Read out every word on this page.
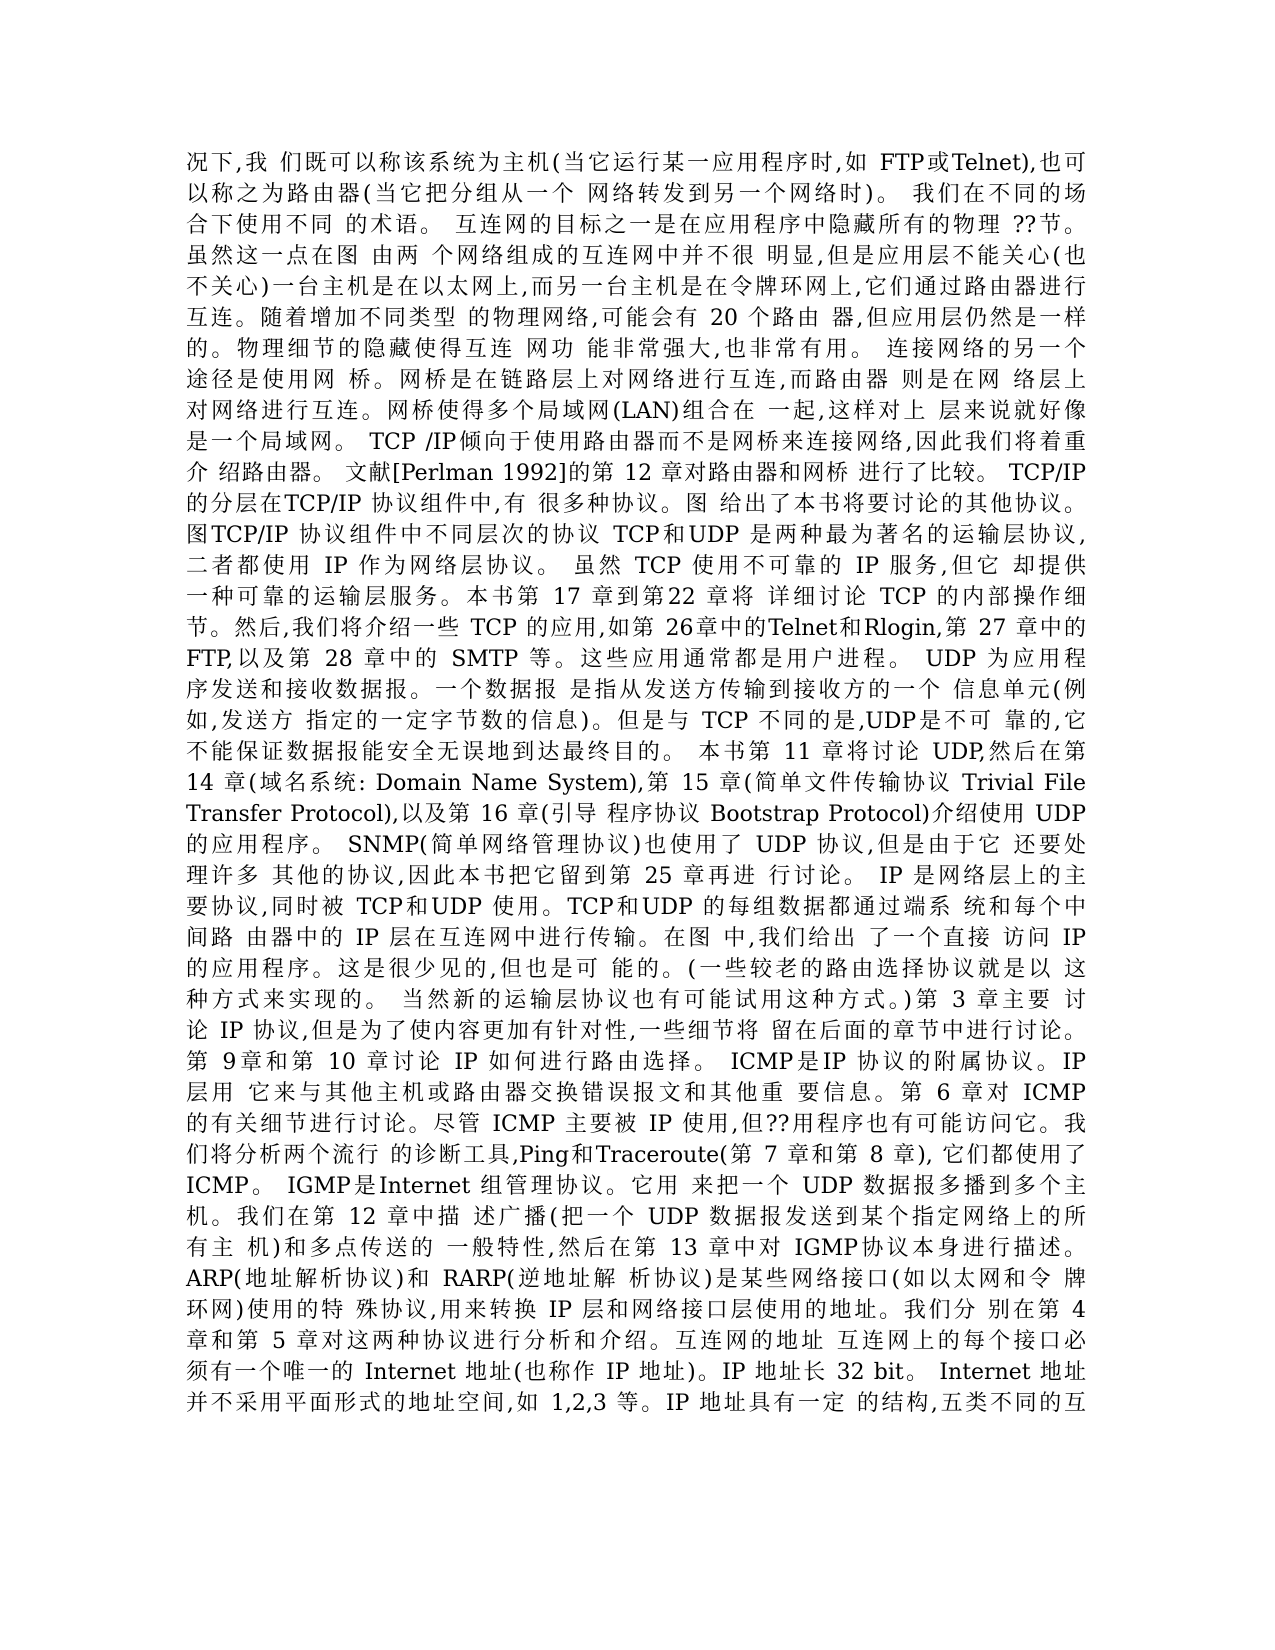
况下,我 们既可以称该系统为主机(当它运行某一应用程序时,如 FTP或Telnet),也可
以称之为路由器(当它把分组从一个 网络转发到另一个网络时)。 我们在不同的场
合下使用不同 的术语。 互连网的目标之一是在应用程序中隐藏所有的物理 ??节。
虽然这一点在图 由两 个网络组成的互连网中并不很 明显,但是应用层不能关心(也
不关心)一台主机是在以太网上,而另一台主机是在令牌环网上,它们通过路由器进行
互连。随着增加不同类型 的物理网络,可能会有 20 个路由 器,但应用层仍然是一样
的。物理细节的隐藏使得互连 网功 能非常强大,也非常有用。 连接网络的另一个
途径是使用网 桥。网桥是在链路层上对网络进行互连,而路由器 则是在网 络层上
对网络进行互连。网桥使得多个局域网(LAN)组合在 一起,这样对上 层来说就好像
是一个局域网。 TCP /IP倾向于使用路由器而不是网桥来连接网络,因此我们将着重
介 绍路由器。 文献[Perlman 1992]的第 12 章对路由器和网桥 进行了比较。 TCP/IP
的分层在TCP/IP 协议组件中,有 很多种协议。图 给出了本书将要讨论的其他协议。
图TCP/IP 协议组件中不同层次的协议 TCP和UDP 是两种最为著名的运输层协议,
二者都使用 IP 作为网络层协议。 虽然 TCP 使用不可靠的 IP 服务,但它 却提供
一种可靠的运输层服务。本书第 17 章到第22 章将 详细讨论 TCP 的内部操作细
节。然后,我们将介绍一些 TCP 的应用,如第 26章中的Telnet和Rlogin,第 27 章中的
FTP,以及第 28 章中的 SMTP 等。这些应用通常都是用户进程。 UDP 为应用程
序发送和接收数据报。一个数据报 是指从发送方传输到接收方的一个 信息单元(例
如,发送方 指定的一定字节数的信息)。但是与 TCP 不同的是,UDP是不可 靠的,它
不能保证数据报能安全无误地到达最终目的。 本书第 11 章将讨论 UDP,然后在第
14 章(域名系统: Domain Name System),第 15 章(简单文件传输协议 Trivial File
Transfer Protocol),以及第 16 章(引导 程序协议 Bootstrap Protocol)介绍使用 UDP
的应用程序。 SNMP(简单网络管理协议)也使用了 UDP 协议,但是由于它 还要处
理许多 其他的协议,因此本书把它留到第 25 章再进 行讨论。 IP 是网络层上的主
要协议,同时被 TCP和UDP 使用。TCP和UDP 的每组数据都通过端系 统和每个中
间路 由器中的 IP 层在互连网中进行传输。在图 中,我们给出 了一个直接 访问 IP
的应用程序。这是很少见的,但也是可 能的。(一些较老的路由选择协议就是以 这
种方式来实现的。 当然新的运输层协议也有可能试用这种方式。)第 3 章主要 讨
论 IP 协议,但是为了使内容更加有针对性,一些细节将 留在后面的章节中进行讨论。
第 9章和第 10 章讨论 IP 如何进行路由选择。 ICMP是IP 协议的附属协议。IP
层用 它来与其他主机或路由器交换错误报文和其他重 要信息。第 6 章对 ICMP
的有关细节进行讨论。尽管 ICMP 主要被 IP 使用,但??用程序也有可能访问它。我
们将分析两个流行 的诊断工具,Ping和Traceroute(第 7 章和第 8 章), 它们都使用了
ICMP。 IGMP是Internet 组管理协议。它用 来把一个 UDP 数据报多播到多个主
机。我们在第 12 章中描 述广播(把一个 UDP 数据报发送到某个指定网络上的所
有主 机)和多点传送的 一般特性,然后在第 13 章中对 IGMP协议本身进行描述。
ARP(地址解析协议)和 RARP(逆地址解 析协议)是某些网络接口(如以太网和令 牌
环网)使用的特 殊协议,用来转换 IP 层和网络接口层使用的地址。我们分 别在第 4
章和第 5 章对这两种协议进行分析和介绍。互连网的地址 互连网上的每个接口必
须有一个唯一的 Internet 地址(也称作 IP 地址)。IP 地址长 32 bit。 Internet 地址
并不采用平面形式的地址空间,如 1,2,3 等。IP 地址具有一定 的结构,五类不同的互
